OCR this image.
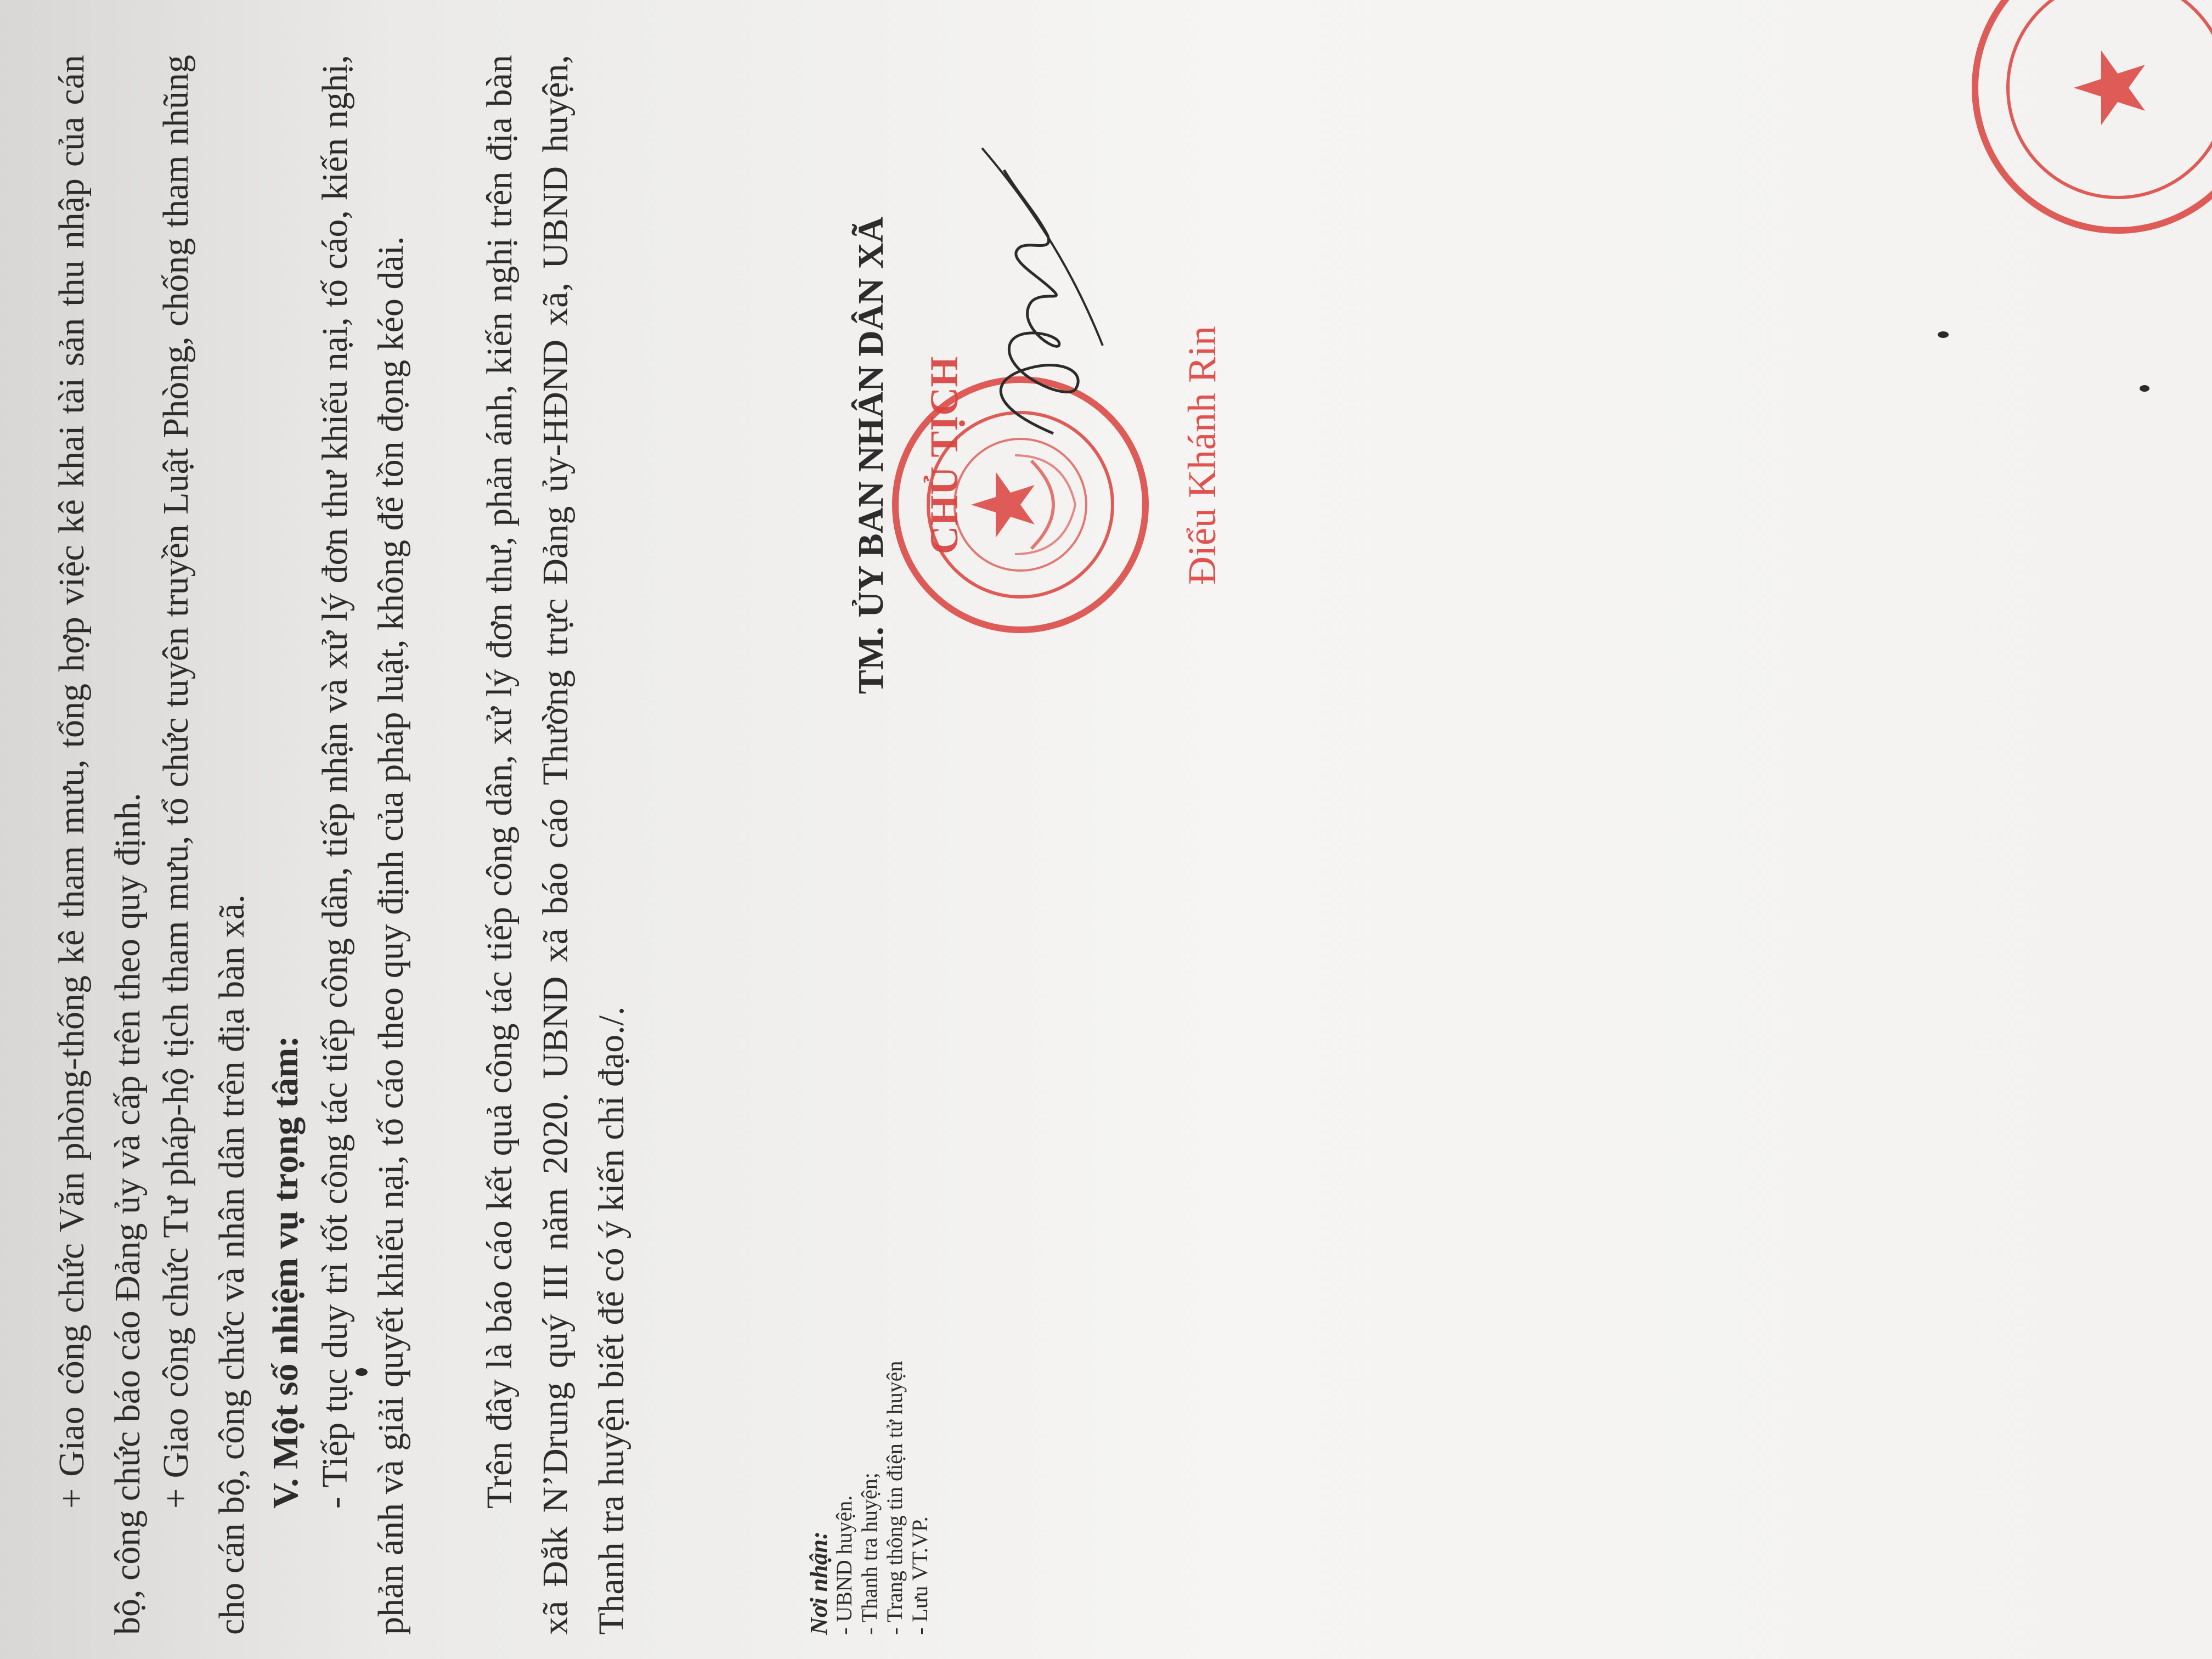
+ Giao công chức Văn phòng-thống kê tham mưu, tổng hợp việc kê khai tài sản thu nhập của cán bộ, công chức báo cáo Đảng ủy và cấp trên theo quy định. + Giao công chức Tư pháp-hộ tịch tham mưu, tổ chức tuyên truyền Luật Phòng, chống tham nhũng cho cán bộ, công chức và nhân dân trên địa bàn xã. V. Một số nhiệm vụ trọng tâm: - Tiếp tục duy trì tốt công tác tiếp công dân, tiếp nhận và xử lý đơn thư khiếu nại, tố cáo, kiến nghị, phản ánh và giải quyết khiếu nại, tố cáo theo quy định của pháp luật, không để tồn đọng kéo dài. Trên đây là báo cáo kết quả công tác tiếp công dân, xử lý đơn thư, phản ánh, kiến nghị trên địa bàn xã Đắk N’Drung quý III năm 2020. UBND xã báo cáo Thường trực Đảng ủy-HĐND xã, UBND huyện, Thanh tra huyện biết để có ý kiến chỉ đạo./.	Nơi nhận: - UBND huyện. - Thanh tra huyện; - Trang thông tin điện tử huyện - Lưu VT.VP.
TM. ỦY BAN NHÂN DÂN XÃ CHỦ TỊCH	Điểu Khánh Rin
